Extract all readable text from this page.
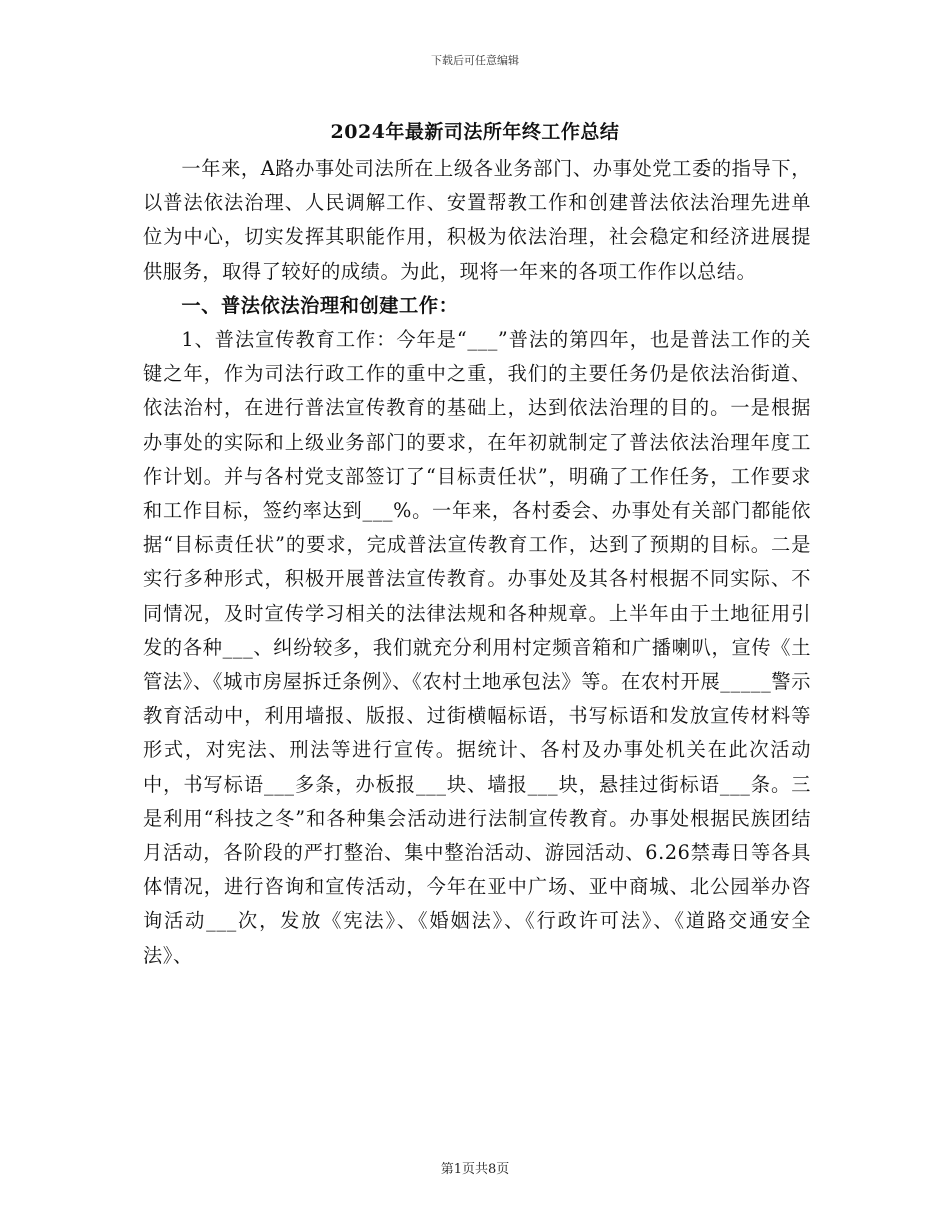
下载后可任意编辑
2024年最新司法所年终工作总结

一年来，A路办事处司法所在上级各业务部门、办事处党工委的指导下，以普法依法治理、人民调解工作、安置帮教工作和创建普法依法治理先进单位为中心，切实发挥其职能作用，积极为依法治理，社会稳定和经济进展提供服务，取得了较好的成绩。为此，现将一年来的各项工作作以总结。

一、普法依法治理和创建工作：

1、普法宣传教育工作：今年是“___”普法的第四年，也是普法工作的关键之年，作为司法行政工作的重中之重，我们的主要任务仍是依法治街道、依法治村，在进行普法宣传教育的基础上，达到依法治理的目的。一是根据办事处的实际和上级业务部门的要求，在年初就制定了普法依法治理年度工作计划。并与各村党支部签订了“目标责任状”，明确了工作任务，工作要求和工作目标，签约率达到___%。一年来，各村委会、办事处有关部门都能依据“目标责任状”的要求，完成普法宣传教育工作，达到了预期的目标。二是实行多种形式，积极开展普法宣传教育。办事处及其各村根据不同实际、不同情况，及时宣传学习相关的法律法规和各种规章。上半年由于土地征用引发的各种___、纠纷较多，我们就充分利用村定频音箱和广播喇叭，宣传《土管法》、《城市房屋拆迁条例》、《农村土地承包法》等。在农村开展_____警示教育活动中，利用墙报、版报、过街横幅标语，书写标语和发放宣传材料等形式，对宪法、刑法等进行宣传。据统计、各村及办事处机关在此次活动中，书写标语___多条，办板报___块、墙报___块，悬挂过街标语___条。三是利用“科技之冬”和各种集会活动进行法制宣传教育。办事处根据民族团结月活动，各阶段的严打整治、集中整治活动、游园活动、6.26禁毒日等各具体情况，进行咨询和宣传活动，今年在亚中广场、亚中商城、北公园举办咨询活动___次，发放《宪法》、《婚姻法》、《行政许可法》、《道路交通安全法》、

第1页共8页
